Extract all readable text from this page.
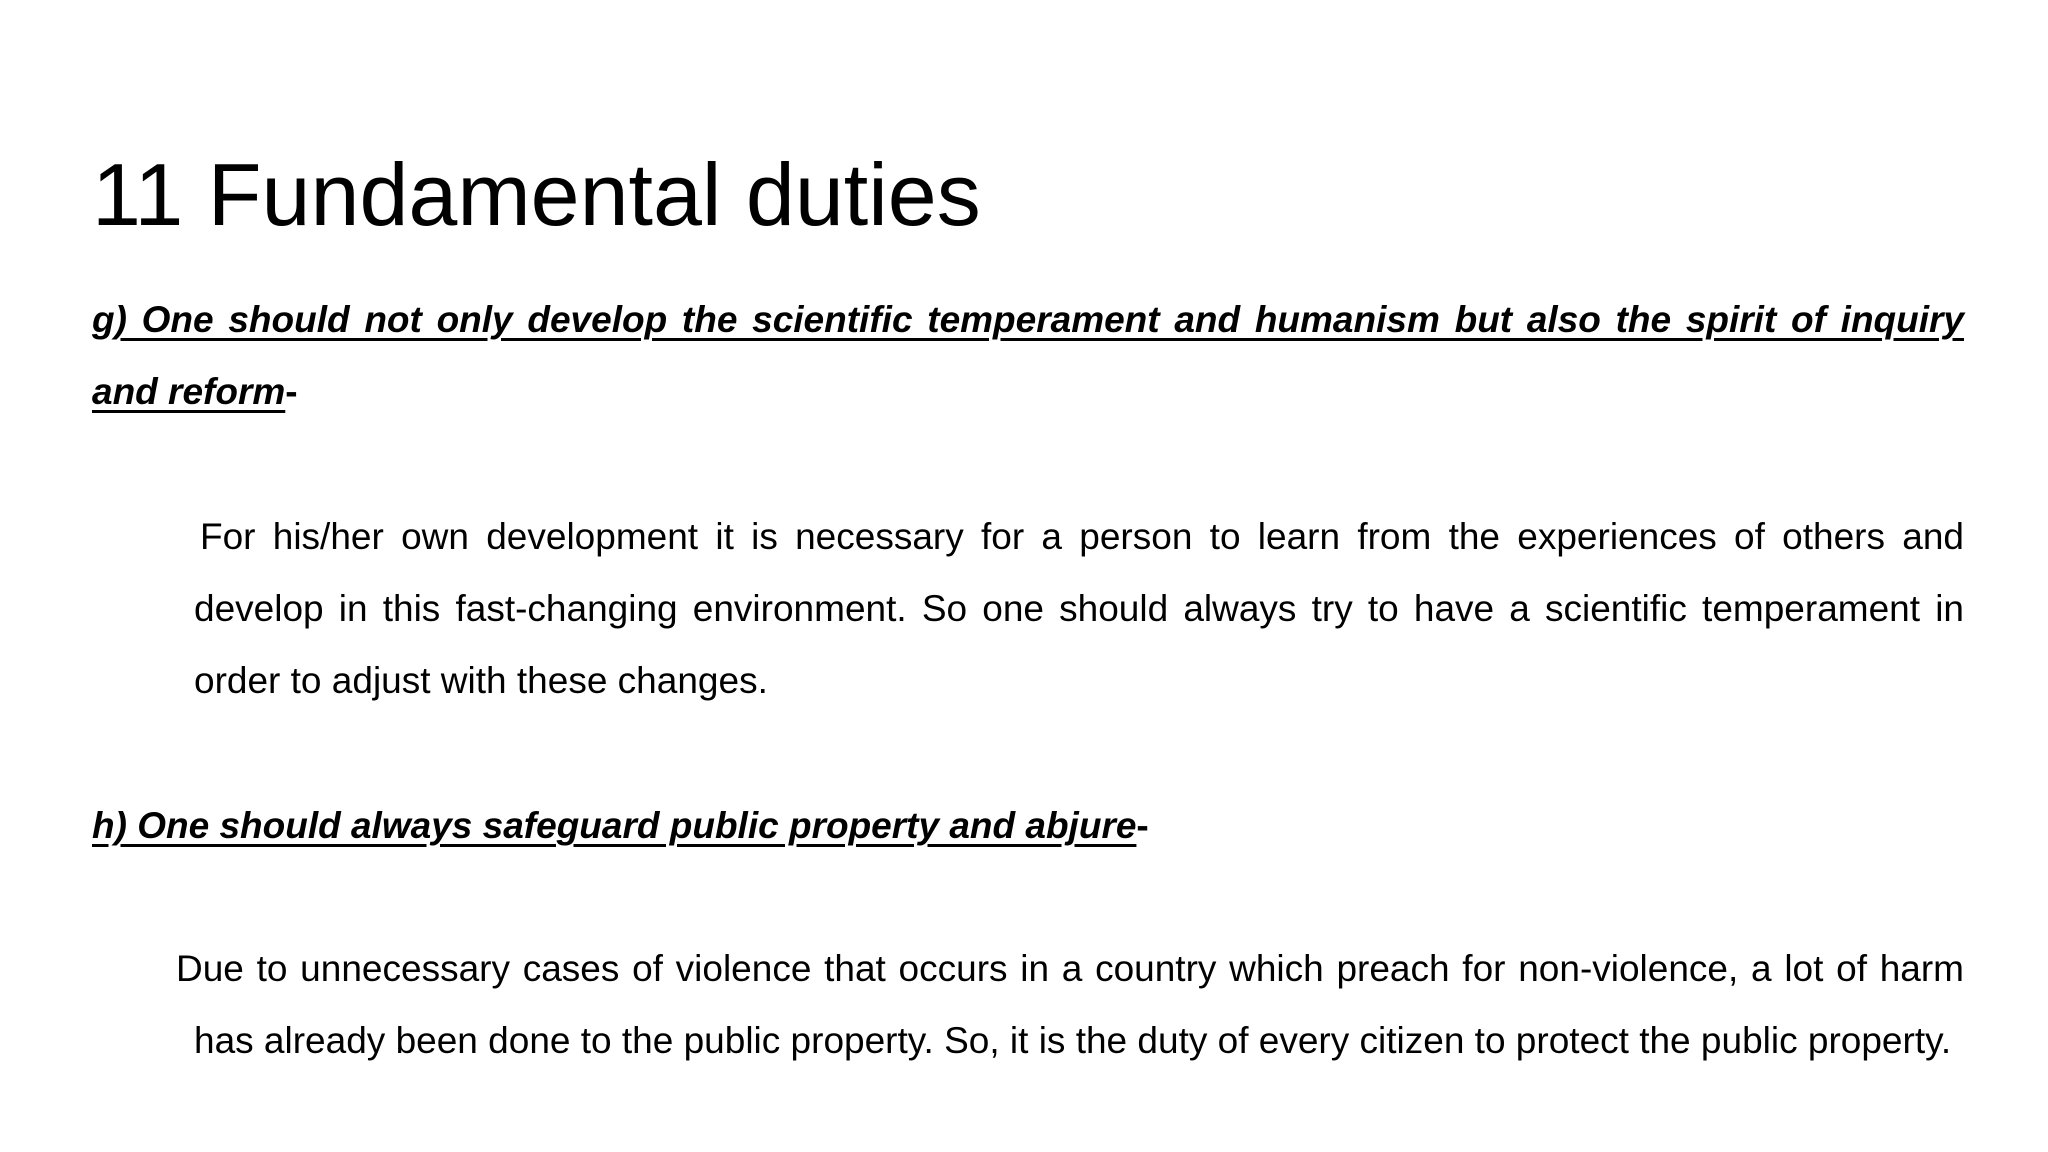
11 Fundamental duties

g) One should not only develop the scientific temperament and humanism but also the spirit of inquiry and reform-

For his/her own development it is necessary for a person to learn from the experiences of others and develop in this fast-changing environment. So one should always try to have a scientific temperament in order to adjust with these changes.

h) One should always safeguard public property and abjure-

Due to unnecessary cases of violence that occurs in a country which preach for non-violence, a lot of harm has already been done to the public property. So, it is the duty of every citizen to protect the public property.
